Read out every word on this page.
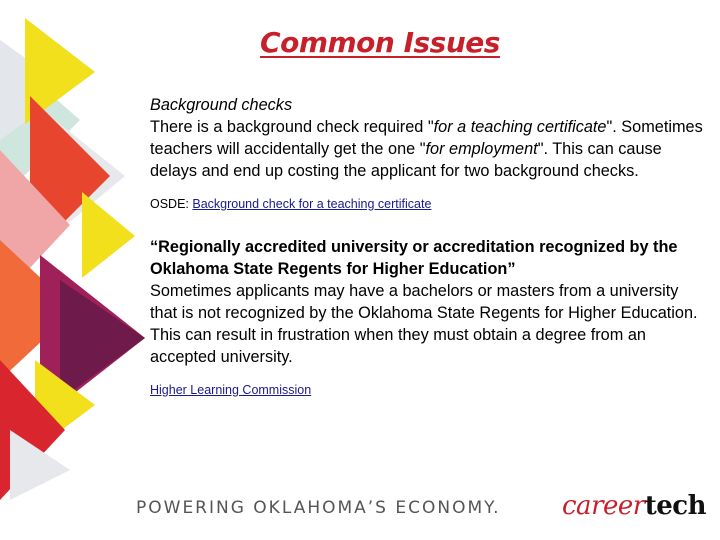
Common Issues

Background checks

There is a background check required "for a teaching certificate". Sometimes teachers will accidentally get the one "for employment". This can cause delays and end up costing the applicant for two background checks.

OSDE: Background check for a teaching certificate

“Regionally accredited university or accreditation recognized by the Oklahoma State Regents for Higher Education”

Sometimes applicants may have a bachelors or masters from a university that is not recognized by the Oklahoma State Regents for Higher Education. This can result in frustration when they must obtain a degree from an accepted university.

Higher Learning Commission

POWERING OKLAHOMA’S ECONOMY. careertech
